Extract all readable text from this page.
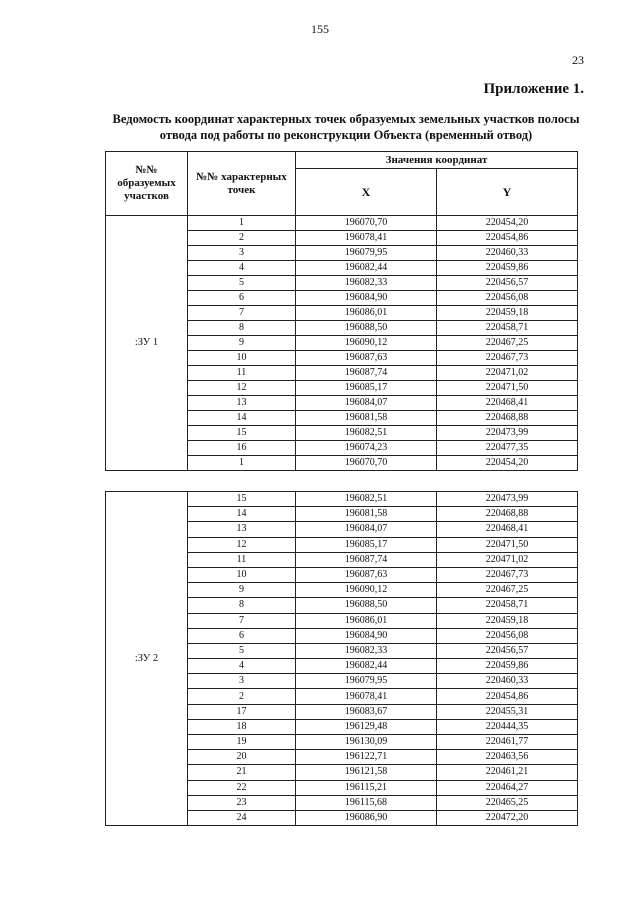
155
23
Приложение 1.
Ведомость координат характерных точек образуемых земельных участков полосы отвода под работы по реконструкции Объекта (временный отвод)
№№ образуемых участков	№№ характерных точек	Значения координат	
		X	Y
:ЗУ 1	1	196070,70	220454,20
	2	196078,41	220454,86
	3	196079,95	220460,33
	4	196082,44	220459,86
	5	196082,33	220456,57
	6	196084,90	220456,08
	7	196086,01	220459,18
	8	196088,50	220458,71
	9	196090,12	220467,25
	10	196087,63	220467,73
	11	196087,74	220471,02
	12	196085,17	220471,50
	13	196084,07	220468,41
	14	196081,58	220468,88
	15	196082,51	220473,99
	16	196074,23	220477,35
	1	196070,70	220454,20
:ЗУ 2	15	196082,51	220473,99
	14	196081,58	220468,88
	13	196084,07	220468,41
	12	196085,17	220471,50
	11	196087,74	220471,02
	10	196087,63	220467,73
	9	196090,12	220467,25
	8	196088,50	220458,71
	7	196086,01	220459,18
	6	196084,90	220456,08
	5	196082,33	220456,57
	4	196082,44	220459,86
	3	196079,95	220460,33
	2	196078,41	220454,86
	17	196083,67	220455,31
	18	196129,48	220444,35
	19	196130,09	220461,77
	20	196122,71	220463,56
	21	196121,58	220461,21
	22	196115,21	220464,27
	23	196115,68	220465,25
	24	196086,90	220472,20
